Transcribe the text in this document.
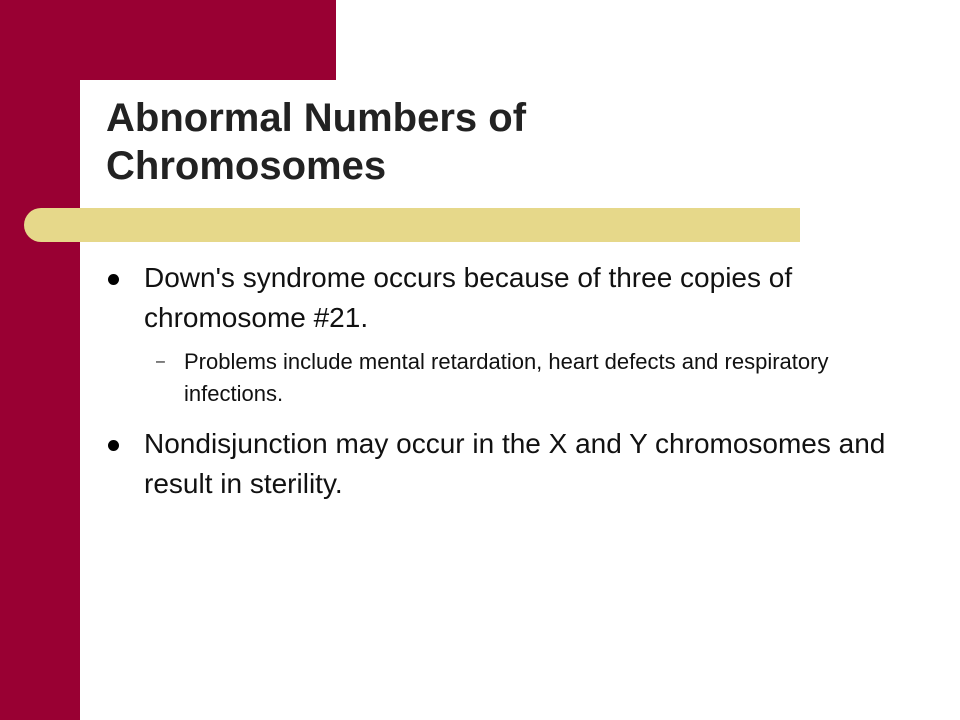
Abnormal Numbers of
Chromosomes
Down's syndrome occurs because of three copies of chromosome #21.
– Problems include mental retardation, heart defects and respiratory infections.
Nondisjunction may occur in the X and Y chromosomes and result in sterility.
